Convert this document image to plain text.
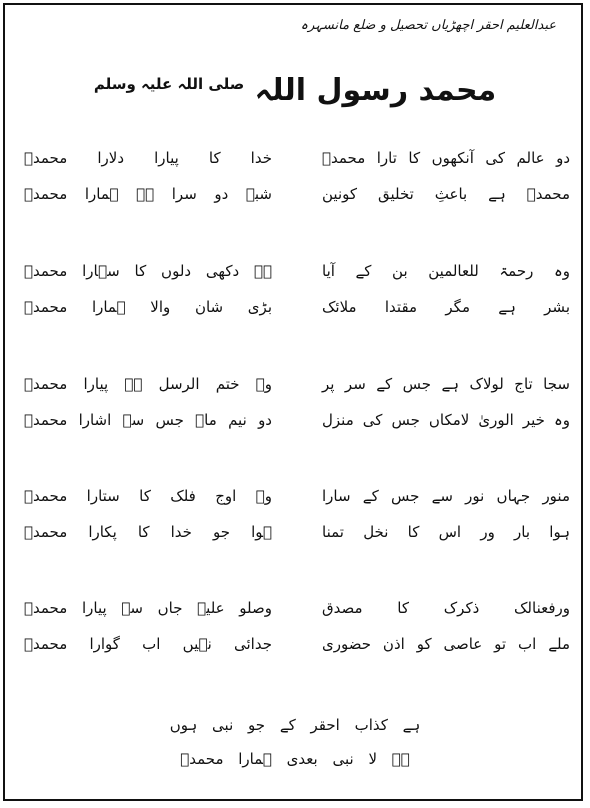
عبدالعلیم احقر اچھڑیاں تحصیل و ضلع مانسہرہ
محمد رسول اللہ $^{صلی اللہ علیہ وسلم}$
دو عالم کی آنکھوں کا تارا محمدؐ
خدا کا پیارا دلارا محمدؐ
محمدؐ ہے باعثِ تخلیق کونین
شبہ دو سرا ہے ہمارا محمدؐ
وہ رحمۃ للعالمین بن کے آیا
ہے دکھی دلوں کا سہارا محمدؐ
بشر ہے مگر مقتدا ملائک
بڑی شان والا ہمارا محمدؐ
سجا تاج لولاک ہے جس کے سر پر
وہ ختم الرسل ہے پیارا محمدؐ
وہ خیر الوریٰ لامکاں جس کی منزل
دو نیم ماہ جس سے اشارا محمدؐ
منور جہاں نور سے جس کے سارا
وہ اوج فلک کا ستارا محمدؐ
ہوا بار ور اس کا نخل تمنا
ہوا جو خدا کا پکارا محمدؐ
ورفعنالک ذکرک کا مصدق
وصلو علیہ جاں سے پیارا محمدؐ
ملے اب تو عاصی کو اذن حضوری
جدائی نہیں اب گوارا محمدؐ
ہے کذاب احقر کے جو نبی ہوں
ہے لا نبی بعدی ہمارا محمدؐ
